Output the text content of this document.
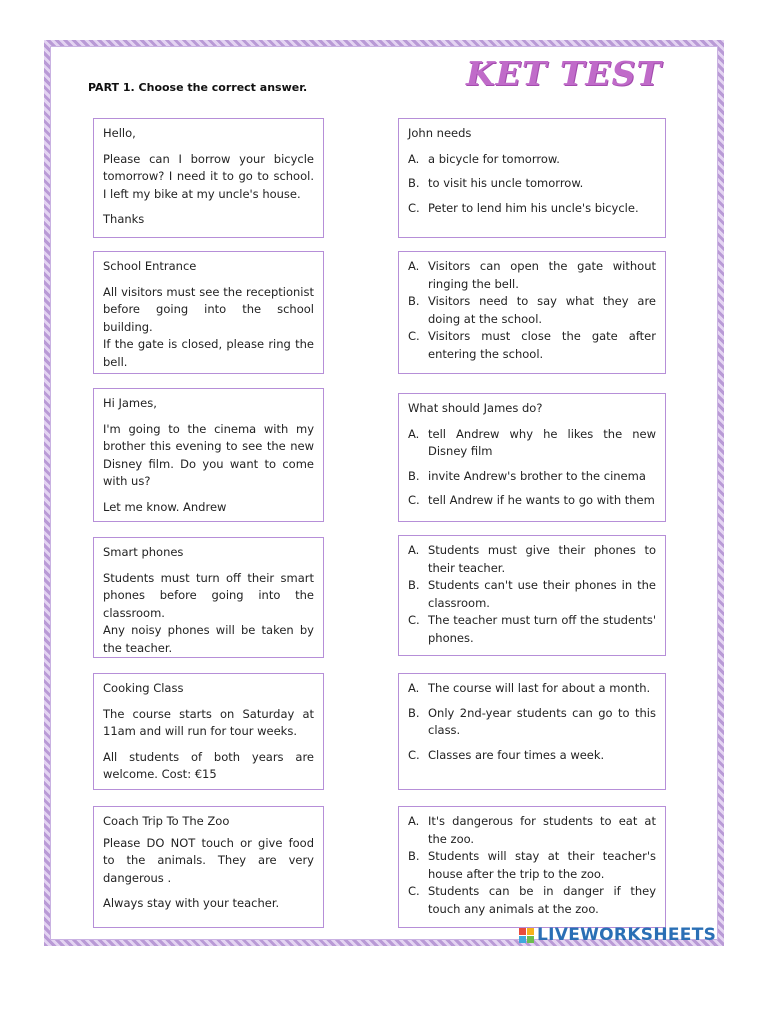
KET TEST
PART 1. Choose the correct answer.

Hello,

Please can I borrow your bicycle tomorrow? I need it to go to school. I left my bike at my uncle's house.

Thanks

John needs

A. a bicycle for tomorrow.
B. to visit his uncle tomorrow.
C. Peter to lend him his uncle's bicycle.

School Entrance

All visitors must see the receptionist before going into the school building.

If the gate is closed, please ring the bell.

A. Visitors can open the gate without ringing the bell.
B. Visitors need to say what they are doing at the school.
C. Visitors must close the gate after entering the school.

Hi James,

I'm going to the cinema with my brother this evening to see the new Disney film. Do you want to come with us?

Let me know. Andrew

What should James do?

A. tell Andrew why he likes the new Disney film
B. invite Andrew's brother to the cinema
C. tell Andrew if he wants to go with them

Smart phones

Students must turn off their smart phones before going into the classroom.

Any noisy phones will be taken by the teacher.

A. Students must give their phones to their teacher.
B. Students can't use their phones in the classroom.
C. The teacher must turn off the students' phones.

Cooking Class

The course starts on Saturday at 11am and will run for tour weeks.

All students of both years are welcome. Cost: €15

A. The course will last for about a month.
B. Only 2nd-year students can go to this class.
C. Classes are four times a week.

Coach Trip To The Zoo

Please DO NOT touch or give food to the animals. They are very dangerous .

Always stay with your teacher.

A. It's dangerous for students to eat at the zoo.
B. Students will stay at their teacher's house after the trip to the zoo.
C. Students can be in danger if they touch any animals at the zoo.
LIVEWORKSHEETS
